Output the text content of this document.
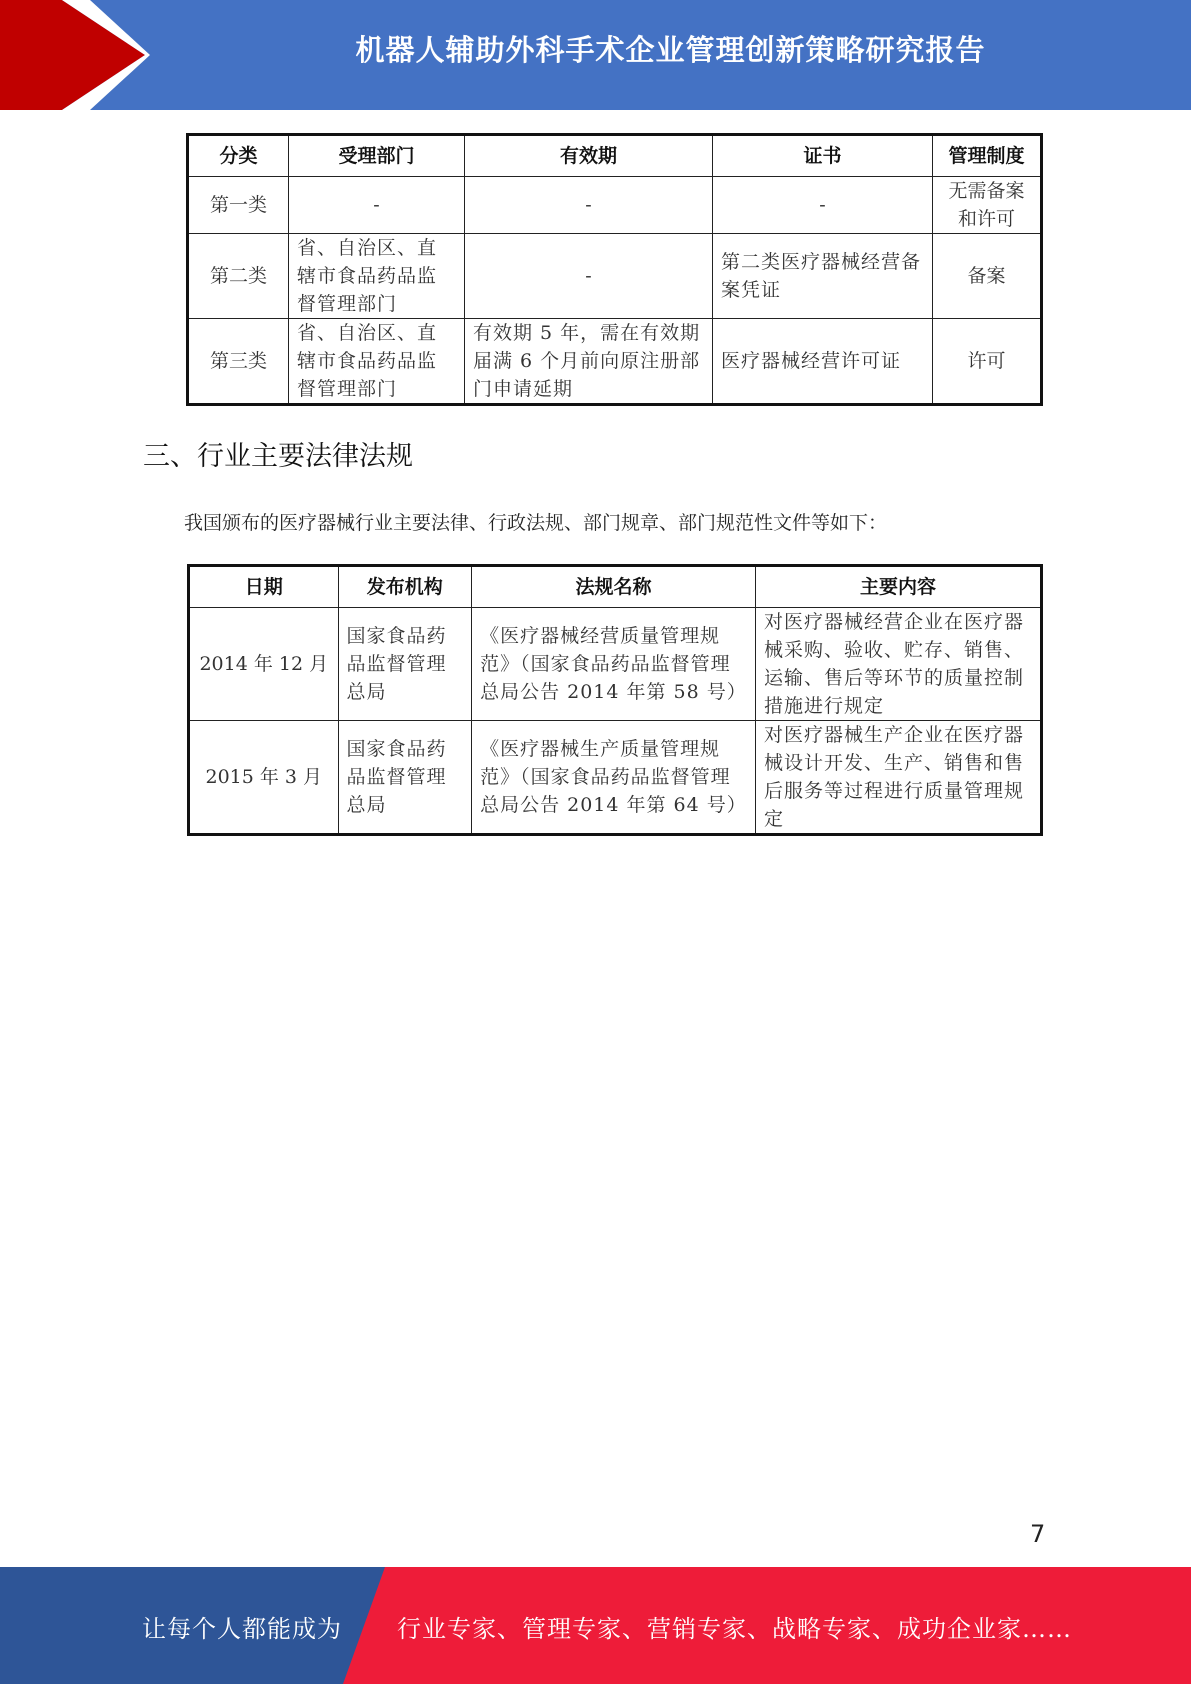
机器人辅助外科手术企业管理创新策略研究报告
分类	受理部门	有效期	证书	管理制度
第一类	-	-	-	无需备案和许可
第二类	省、自治区、直辖市食品药品监督管理部门	-	第二类医疗器械经营备案凭证	备案
第三类	省、自治区、直辖市食品药品监督管理部门	有效期 5 年，需在有效期届满 6 个月前向原注册部门申请延期	医疗器械经营许可证	许可
三、行业主要法律法规
我国颁布的医疗器械行业主要法律、行政法规、部门规章、部门规范性文件等如下：
日期	发布机构	法规名称	主要内容
2014 年 12 月	国家食品药品监督管理总局	《医疗器械经营质量管理规范》（国家食品药品监督管理总局公告 2014 年第 58 号）	对医疗器械经营企业在医疗器械采购、验收、贮存、销售、运输、售后等环节的质量控制措施进行规定
2015 年 3 月	国家食品药品监督管理总局	《医疗器械生产质量管理规范》（国家食品药品监督管理总局公告 2014 年第 64 号）	对医疗器械生产企业在医疗器械设计开发、生产、销售和售后服务等过程进行质量管理规定
7
让每个人都能成为 行业专家、管理专家、营销专家、战略专家、成功企业家……
